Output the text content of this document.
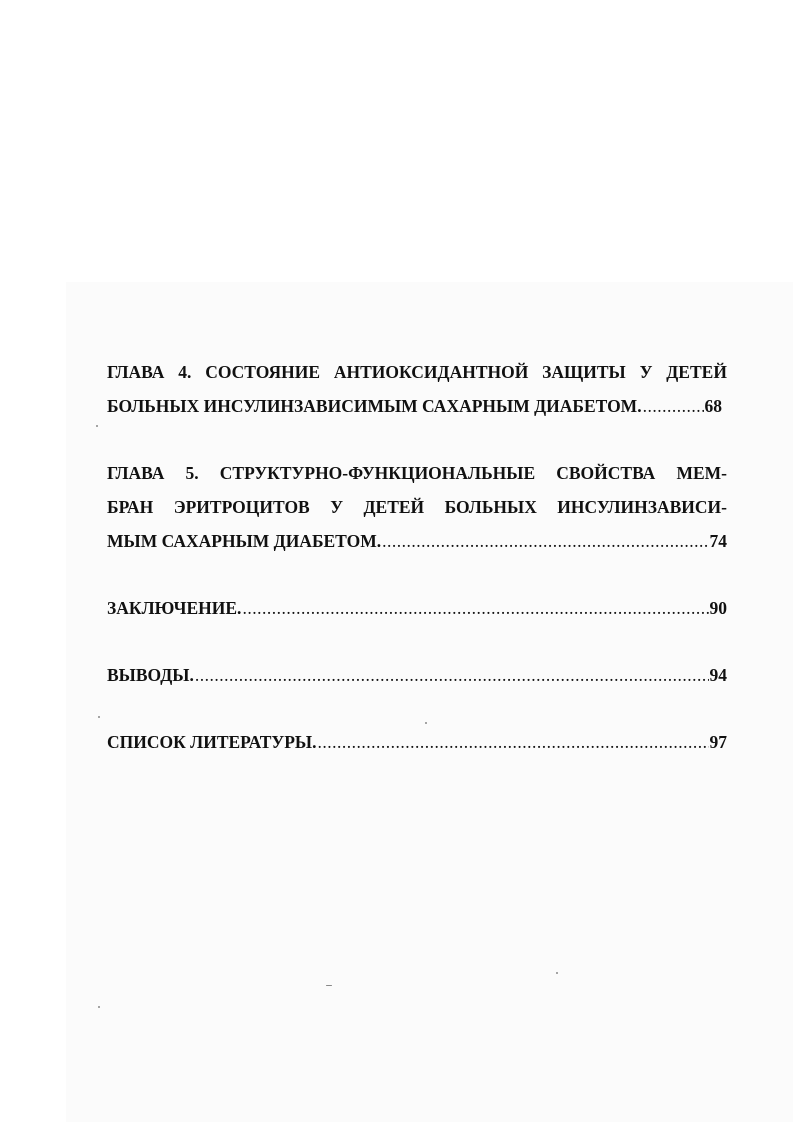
ГЛАВА 4. СОСТОЯНИЕ АНТИОКСИДАНТНОЙ ЗАЩИТЫ У ДЕТЕЙ
БОЛЬНЫХ ИНСУЛИНЗАВИСИМЫМ САХАРНЫМ ДИАБЕТОМ. .....	68
ГЛАВА 5. СТРУКТУРНО-ФУНКЦИОНАЛЬНЫЕ СВОЙСТВА МЕМ-
БРАН ЭРИТРОЦИТОВ У ДЕТЕЙ БОЛЬНЫХ ИНСУЛИНЗАВИСИ-
МЫМ САХАРНЫМ ДИАБЕТОМ. .....	74
ЗАКЛЮЧЕНИЕ. .....	90
ВЫВОДЫ. .....	94
СПИСОК ЛИТЕРАТУРЫ. .....	97
